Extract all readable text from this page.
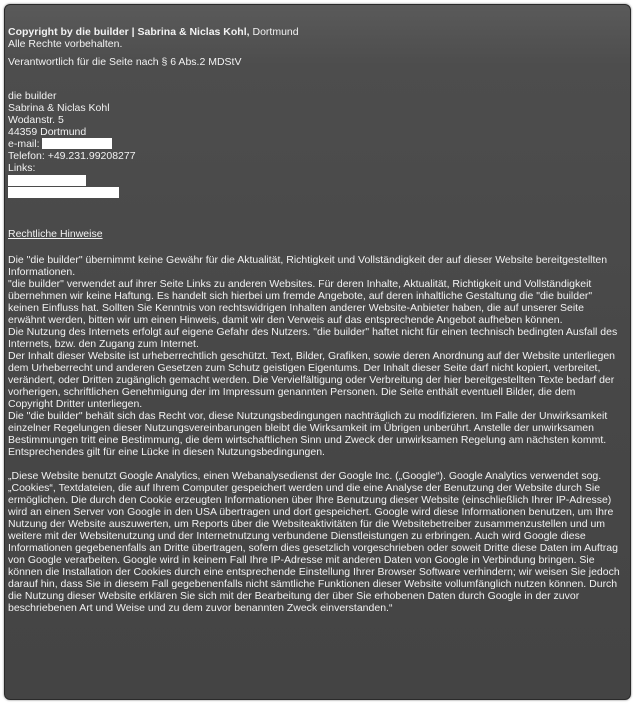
Copyright by die builder | Sabrina & Niclas Kohl, Dortmund

Alle Rechte vorbehalten.

Verantwortlich für die Seite nach § 6 Abs.2 MDStV

die builder

Sabrina & Niclas Kohl

Wodanstr. 5

44359 Dortmund

e-mail:

Telefon: +49.231.99208277

Links:

Rechtliche Hinweise

Die "die builder" übernimmt keine Gewähr für die Aktualität, Richtigkeit und Vollständigkeit der auf dieser Website bereitgestellten Informationen.

"die builder" verwendet auf ihrer Seite Links zu anderen Websites. Für deren Inhalte, Aktualität, Richtigkeit und Vollständigkeit übernehmen wir keine Haftung. Es handelt sich hierbei um fremde Angebote, auf deren inhaltliche Gestaltung die "die builder" keinen Einfluss hat. Sollten Sie Kenntnis von rechtswidrigen Inhalten anderer Website-Anbieter haben, die auf unserer Seite erwähnt werden, bitten wir um einen Hinweis, damit wir den Verweis auf das entsprechende Angebot aufheben können.

Die Nutzung des Internets erfolgt auf eigene Gefahr des Nutzers. "die builder" haftet nicht für einen technisch bedingten Ausfall des Internets, bzw. den Zugang zum Internet.

Der Inhalt dieser Website ist urheberrechtlich geschützt. Text, Bilder, Grafiken, sowie deren Anordnung auf der Website unterliegen dem Urheberrecht und anderen Gesetzen zum Schutz geistigen Eigentums. Der Inhalt dieser Seite darf nicht kopiert, verbreitet, verändert, oder Dritten zugänglich gemacht werden. Die Vervielfältigung oder Verbreitung der hier bereitgestellten Texte bedarf der vorherigen, schriftlichen Genehmigung der im Impressum genannten Personen. Die Seite enthält eventuell Bilder, die dem Copyright Dritter unterliegen.

Die "die builder" behält sich das Recht vor, diese Nutzungsbedingungen nachträglich zu modifizieren. Im Falle der Unwirksamkeit einzelner Regelungen dieser Nutzungsvereinbarungen bleibt die Wirksamkeit im Übrigen unberührt. Anstelle der unwirksamen Bestimmungen tritt eine Bestimmung, die dem wirtschaftlichen Sinn und Zweck der unwirksamen Regelung am nächsten kommt. Entsprechendes gilt für eine Lücke in diesen Nutzungsbedingungen.

„Diese Website benutzt Google Analytics, einen Webanalysedienst der Google Inc. („Google“). Google Analytics verwendet sog. „Cookies“, Textdateien, die auf Ihrem Computer gespeichert werden und die eine Analyse der Benutzung der Website durch Sie ermöglichen. Die durch den Cookie erzeugten Informationen über Ihre Benutzung dieser Website (einschließlich Ihrer IP-Adresse) wird an einen Server von Google in den USA übertragen und dort gespeichert. Google wird diese Informationen benutzen, um Ihre Nutzung der Website auszuwerten, um Reports über die Websiteaktivitäten für die Websitebetreiber zusammenzustellen und um weitere mit der Websitenutzung und der Internetnutzung verbundene Dienstleistungen zu erbringen. Auch wird Google diese Informationen gegebenenfalls an Dritte übertragen, sofern dies gesetzlich vorgeschrieben oder soweit Dritte diese Daten im Auftrag von Google verarbeiten. Google wird in keinem Fall Ihre IP-Adresse mit anderen Daten von Google in Verbindung bringen. Sie können die Installation der Cookies durch eine entsprechende Einstellung Ihrer Browser Software verhindern; wir weisen Sie jedoch darauf hin, dass Sie in diesem Fall gegebenenfalls nicht sämtliche Funktionen dieser Website vollumfänglich nutzen können. Durch die Nutzung dieser Website erklären Sie sich mit der Bearbeitung der über Sie erhobenen Daten durch Google in der zuvor beschriebenen Art und Weise und zu dem zuvor benannten Zweck einverstanden.“
